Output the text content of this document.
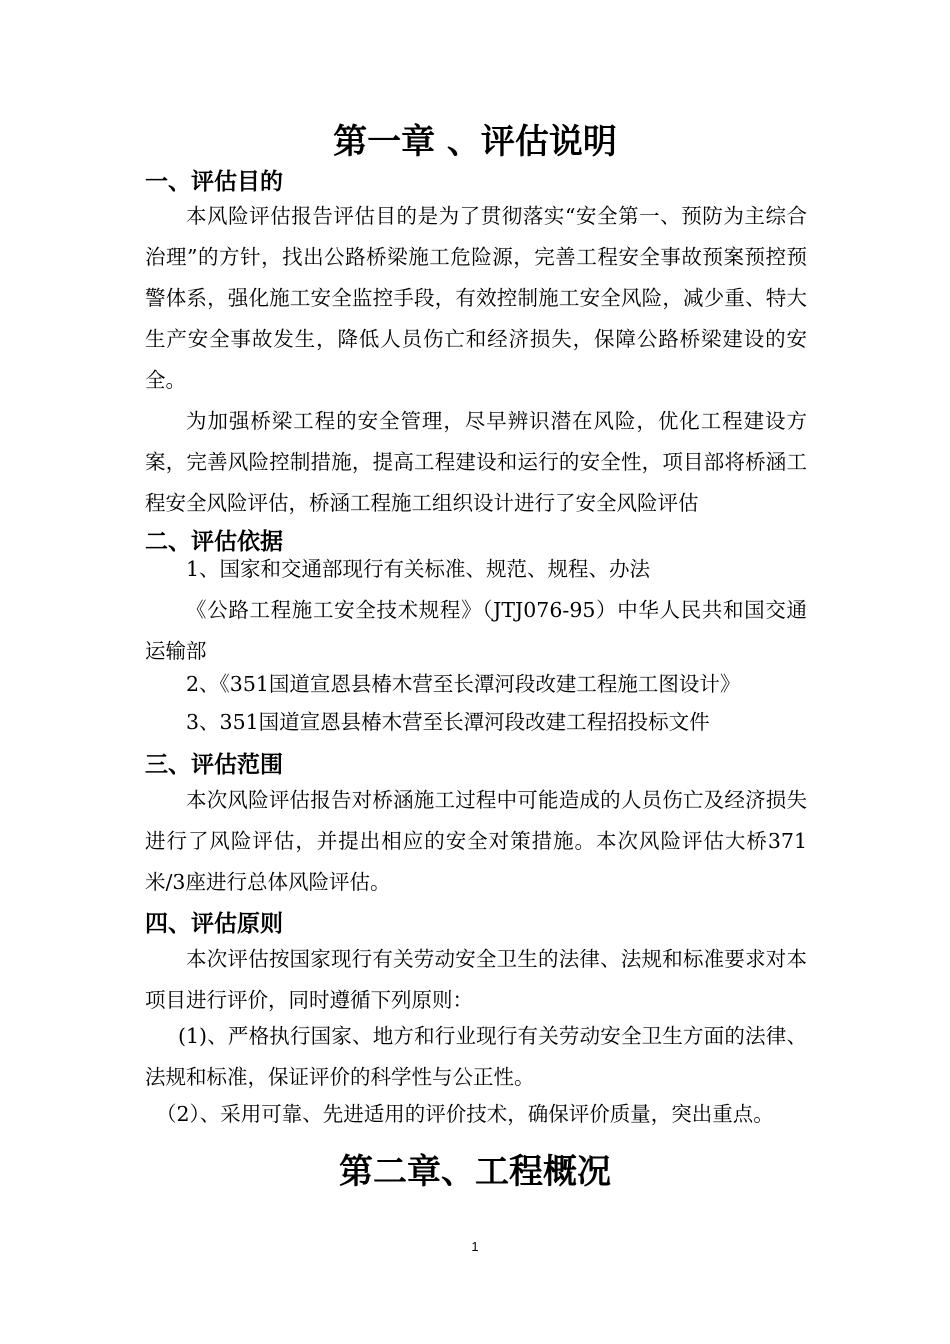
第一章 、评估说明
一、评估目的

本风险评估报告评估目的是为了贯彻落实“安全第一、预防为主综合治理”的方针，找出公路桥梁施工危险源，完善工程安全事故预案预控预警体系，强化施工安全监控手段，有效控制施工安全风险，减少重、特大生产安全事故发生，降低人员伤亡和经济损失，保障公路桥梁建设的安全。

为加强桥梁工程的安全管理，尽早辨识潜在风险，优化工程建设方案，完善风险控制措施，提高工程建设和运行的安全性，项目部将桥涵工程安全风险评估，桥涵工程施工组织设计进行了安全风险评估

二、评估依据

1、国家和交通部现行有关标准、规范、规程、办法

《公路工程施工安全技术规程》（JTJ076-95）中华人民共和国交通运输部

2、《351国道宣恩县椿木营至长潭河段改建工程施工图设计》

3、351国道宣恩县椿木营至长潭河段改建工程招投标文件

三、评估范围

本次风险评估报告对桥涵施工过程中可能造成的人员伤亡及经济损失进行了风险评估，并提出相应的安全对策措施。本次风险评估大桥371米/3座进行总体风险评估。

四、评估原则

本次评估按国家现行有关劳动安全卫生的法律、法规和标准要求对本项目进行评价，同时遵循下列原则：

(1)、严格执行国家、地方和行业现行有关劳动安全卫生方面的法律、法规和标准，保证评价的科学性与公正性。

（2）、采用可靠、先进适用的评价技术，确保评价质量，突出重点。

第二章、工程概况

1
